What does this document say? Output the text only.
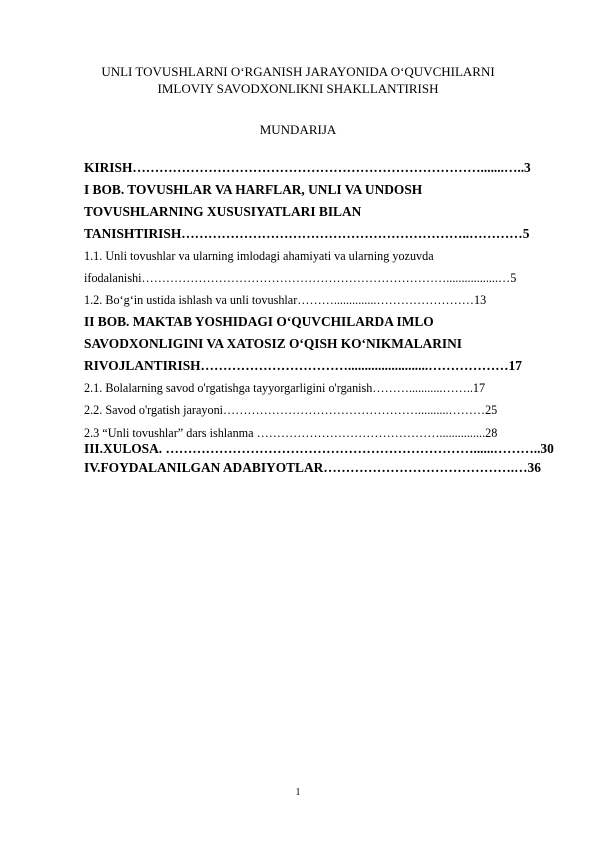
UNLI TOVUSHLARNI O‘RGANISH JARAYONIDA O‘QUVCHILARNI
IMLOVIY SAVODXONLIKNI SHAKLLANTIRISH
MUNDARIJA
KIRISH…………………………………………………………………….......…..3
I BOB. TOVUSHLAR VA HARFLAR, UNLI VA UNDOSH
TOVUSHLARNING XUSUSIYATLARI BILAN
TANISHTIRISH………………………………………………………..…………5
1.1. Unli tovushlar va ularning imlodagi ahamiyati va ularning yozuvda
ifodalanishi………………………………………………………………….................…5
1.2. Bo‘g‘in ustida ishlash va unli tovushlar………..............……………………13
II BOB. MAKTAB YOSHIDAGI O‘QUVCHILARDA IMLO
SAVODXONLIGINI VA XATOSIZ O‘QISH KO‘NIKMALARINI
RIVOJLANTIRISH……………………………........................………………17
2.1. Bolalarning savod o'rgatishga tayyorgarligini o'rganish………...........……..17
2.2. Savod o'rgatish jarayoni…………………………………………..........………25
2.3 “Unli tovushlar” dars ishlanma ………………………………………...............28
III.XULOSA. ……………………………………………………………......………..30
IV.FOYDALANILGAN ADABIYOTLAR…………………………………….…36
1
